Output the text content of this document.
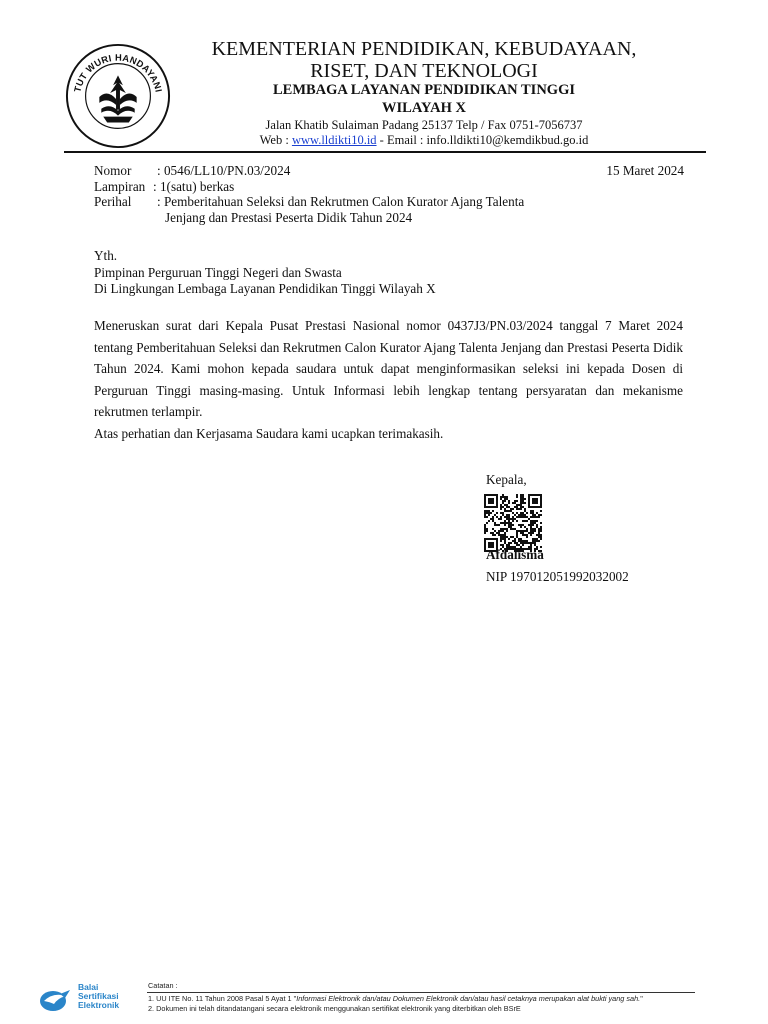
TUT WURI HANDAYANI
KEMENTERIAN PENDIDIKAN, KEBUDAYAAN,
RISET, DAN TEKNOLOGI
LEMBAGA LAYANAN PENDIDIKAN TINGGI
WILAYAH X
Jalan Khatib Sulaiman Padang 25137 Telp / Fax 0751-7056737
Web : www.lldikti10.id - Email : info.lldikti10@kemdikbud.go.id
Nomor : 0546/LL10/PN.03/2024	15 Maret 2024
Lampiran : 1(satu) berkas
Perihal : Pemberitahuan Seleksi dan Rekrutmen Calon Kurator Ajang Talenta
Jenjang dan Prestasi Peserta Didik Tahun 2024
Yth.
Pimpinan Perguruan Tinggi Negeri dan Swasta
Di Lingkungan Lembaga Layanan Pendidikan Tinggi Wilayah X

Meneruskan surat dari Kepala Pusat Prestasi Nasional nomor 0437J3/PN.03/2024 tanggal 7 Maret 2024 tentang Pemberitahuan Seleksi dan Rekrutmen Calon Kurator Ajang Talenta Jenjang dan Prestasi Peserta Didik Tahun 2024. Kami mohon kepada saudara untuk dapat menginformasikan seleksi ini kepada Dosen di Perguruan Tinggi masing-masing. Untuk Informasi lebih lengkap tentang persyaratan dan mekanisme rekrutmen terlampir.

Atas perhatian dan Kerjasama Saudara kami ucapkan terimakasih.

Kepala,
Afdalisma
NIP 197012051992032002
Balai
Sertifikasi
Elektronik
Catatan :
1. UU ITE No. 11 Tahun 2008 Pasal 5 Ayat 1 "Informasi Elektronik dan/atau Dokumen Elektronik dan/atau hasil cetaknya merupakan alat bukti yang sah."
2. Dokumen ini telah ditandatangani secara elektronik menggunakan sertifikat elektronik yang diterbitkan oleh BSrE
